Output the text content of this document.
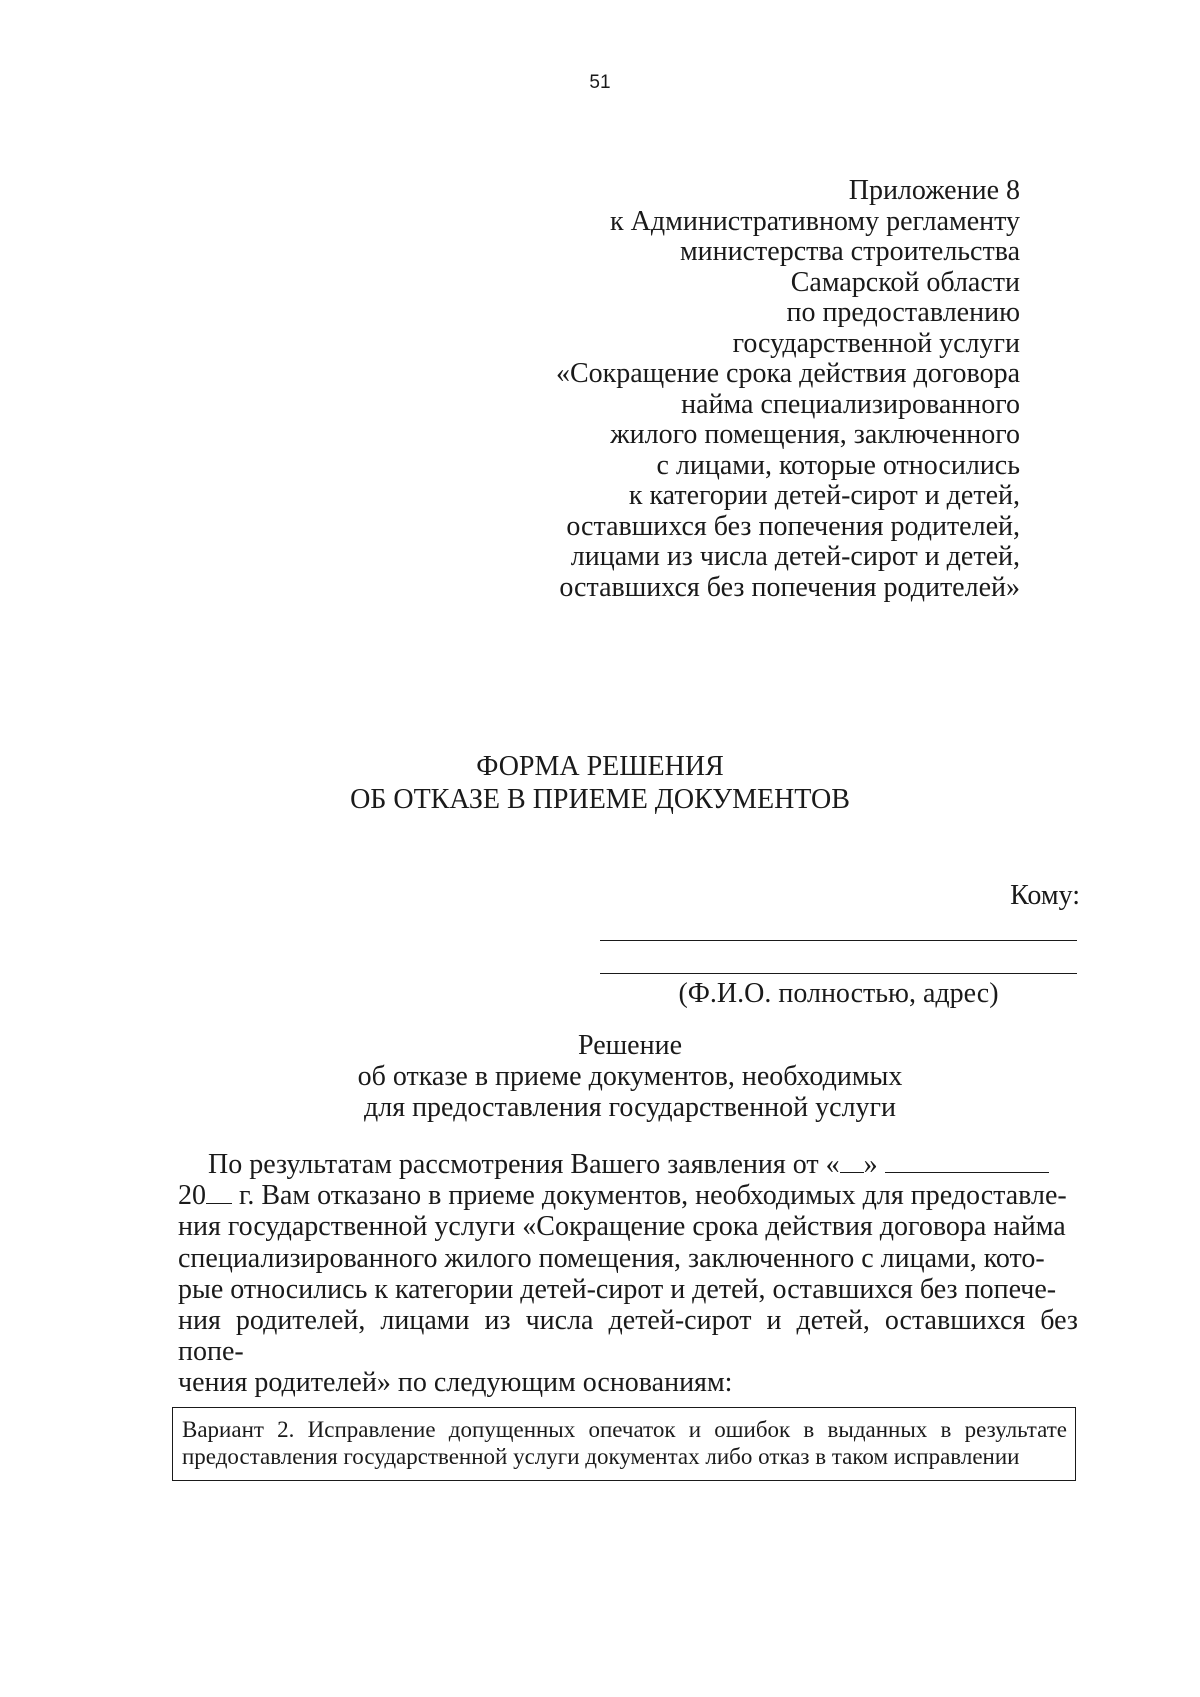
51
Приложение 8
к Административному регламенту
министерства строительства
Самарской области
по предоставлению
государственной услуги
«Сокращение срока действия договора
найма специализированного
жилого помещения, заключенного
с лицами, которые относились
к категории детей-сирот и детей,
оставшихся без попечения родителей,
лицами из числа детей-сирот и детей,
оставшихся без попечения родителей»
ФОРМА РЕШЕНИЯ
ОБ ОТКАЗЕ В ПРИЕМЕ ДОКУМЕНТОВ
Кому:
(Ф.И.О. полностью, адрес)
Решение
об отказе в приеме документов, необходимых
для предоставления государственной услуги
По результатам рассмотрения Вашего заявления от « »
20 г. Вам отказано в приеме документов, необходимых для предоставле-
ния государственной услуги «Сокращение срока действия договора найма
специализированного жилого помещения, заключенного с лицами, кото-
рые относились к категории детей-сирот и детей, оставшихся без попече-
ния родителей, лицами из числа детей-сирот и детей, оставшихся без попе-
чения родителей» по следующим основаниям:
Вариант 2. Исправление допущенных опечаток и ошибок в выданных в результате предоставления государственной услуги документах либо отказ в таком исправлении
